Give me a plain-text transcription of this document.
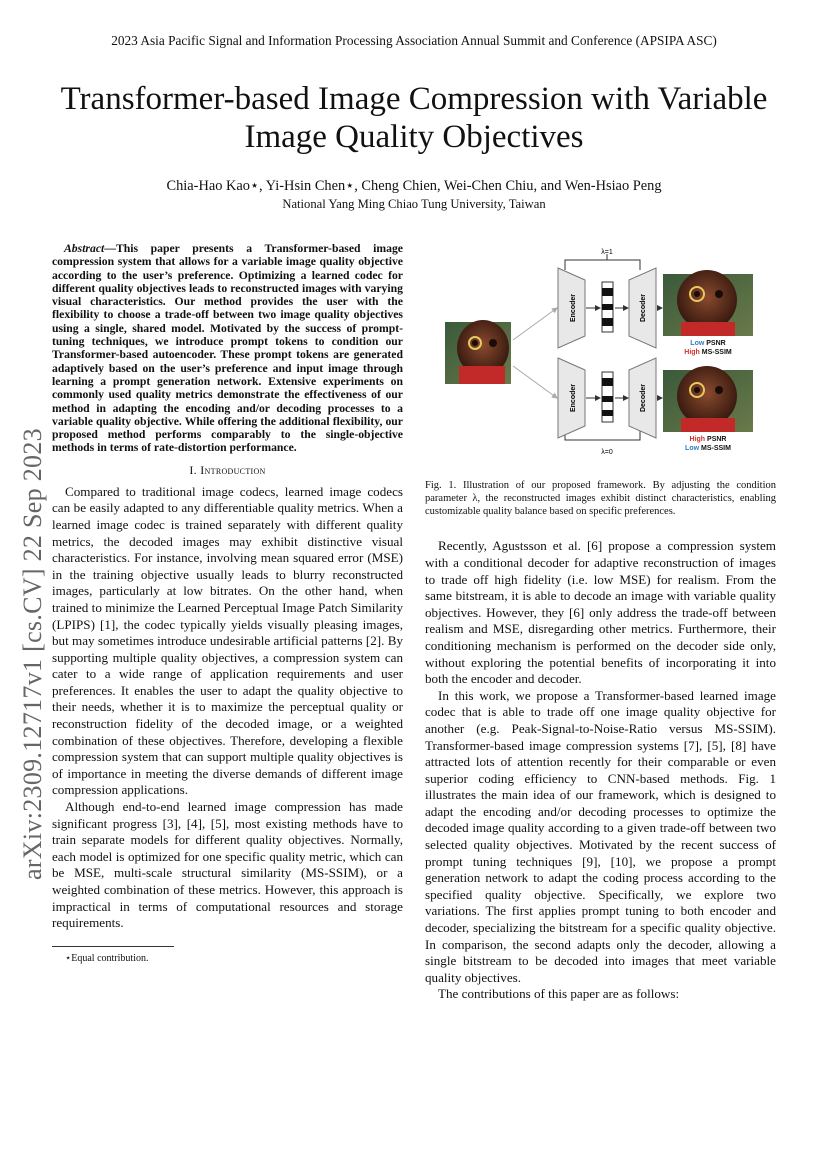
2023 Asia Pacific Signal and Information Processing Association Annual Summit and Conference (APSIPA ASC)
Transformer-based Image Compression with Variable
Image Quality Objectives
Chia-Hao Kao⋆, Yi-Hsin Chen⋆, Cheng Chien, Wei-Chen Chiu, and Wen-Hsiao Peng
National Yang Ming Chiao Tung University, Taiwan
arXiv:2309.12717v1 [cs.CV] 22 Sep 2023

Abstract—This paper presents a Transformer-based image compression system that allows for a variable image quality objective according to the user’s preference. Optimizing a learned codec for different quality objectives leads to reconstructed images with varying visual characteristics. Our method provides the user with the flexibility to choose a trade-off between two image quality objectives using a single, shared model. Motivated by the success of prompt-tuning techniques, we introduce prompt tokens to condition our Transformer-based autoencoder. These prompt tokens are generated adaptively based on the user’s preference and input image through learning a prompt generation network. Extensive experiments on commonly used quality metrics demonstrate the effectiveness of our method in adapting the encoding and/or decoding processes to a variable quality objective. While offering the additional flexibility, our proposed method performs comparably to the single-objective methods in terms of rate-distortion performance.

I. Introduction

Compared to traditional image codecs, learned image codecs can be easily adapted to any differentiable quality metrics. When a learned image codec is trained separately with different quality metrics, the decoded images may exhibit distinctive visual characteristics. For instance, involving mean squared error (MSE) in the training objective usually leads to blurry reconstructed images, particularly at low bitrates. On the other hand, when trained to minimize the Learned Perceptual Image Patch Similarity (LPIPS) [1], the codec typically yields visually pleasing images, but may sometimes introduce undesirable artificial patterns [2]. By supporting multiple quality objectives, a compression system can cater to a wide range of application requirements and user preferences. It enables the user to adapt the quality objective to their needs, whether it is to maximize the perceptual quality or reconstruction fidelity of the decoded image, or a weighted combination of these objectives. Therefore, developing a flexible compression system that can support multiple quality objectives is of importance in meeting the diverse demands of different image compression applications.

Although end-to-end learned image compression has made significant progress [3], [4], [5], most existing methods have to train separate models for different quality objectives. Normally, each model is optimized for one specific quality metric, which can be MSE, multi-scale structural similarity (MS-SSIM), or a weighted combination of these metrics. However, this approach is impractical in terms of computational resources and storage requirements.

⋆Equal contribution.
λ=1
λ=0
Encoder	Decoder
Encoder	Decoder
Low PSNR
High MS-SSIM
High PSNR
Low MS-SSIM

Fig. 1. Illustration of our proposed framework. By adjusting the condition parameter λ, the reconstructed images exhibit distinct characteristics, enabling customizable quality balance based on specific preferences.

Recently, Agustsson et al. [6] propose a compression system with a conditional decoder for adaptive reconstruction of images to trade off high fidelity (i.e. low MSE) for realism. From the same bitstream, it is able to decode an image with variable quality objectives. However, they [6] only address the trade-off between realism and MSE, disregarding other metrics. Furthermore, their conditioning mechanism is performed on the decoder side only, without exploring the potential benefits of incorporating it into both the encoder and decoder.

In this work, we propose a Transformer-based learned image codec that is able to trade off one image quality objective for another (e.g. Peak-Signal-to-Noise-Ratio versus MS-SSIM). Transformer-based image compression systems [7], [5], [8] have attracted lots of attention recently for their comparable or even superior coding efficiency to CNN-based methods. Fig. 1 illustrates the main idea of our framework, which is designed to adapt the encoding and/or decoding processes to optimize the decoded image quality according to a given trade-off between two selected quality objectives. Motivated by the recent success of prompt tuning techniques [9], [10], we propose a prompt generation network to adapt the coding process according to the specified quality objective. Specifically, we explore two variations. The first applies prompt tuning to both encoder and decoder, specializing the bitstream for a specific quality objective. In comparison, the second adapts only the decoder, allowing a single bitstream to be decoded into images that meet variable quality objectives.

The contributions of this paper are as follows:
